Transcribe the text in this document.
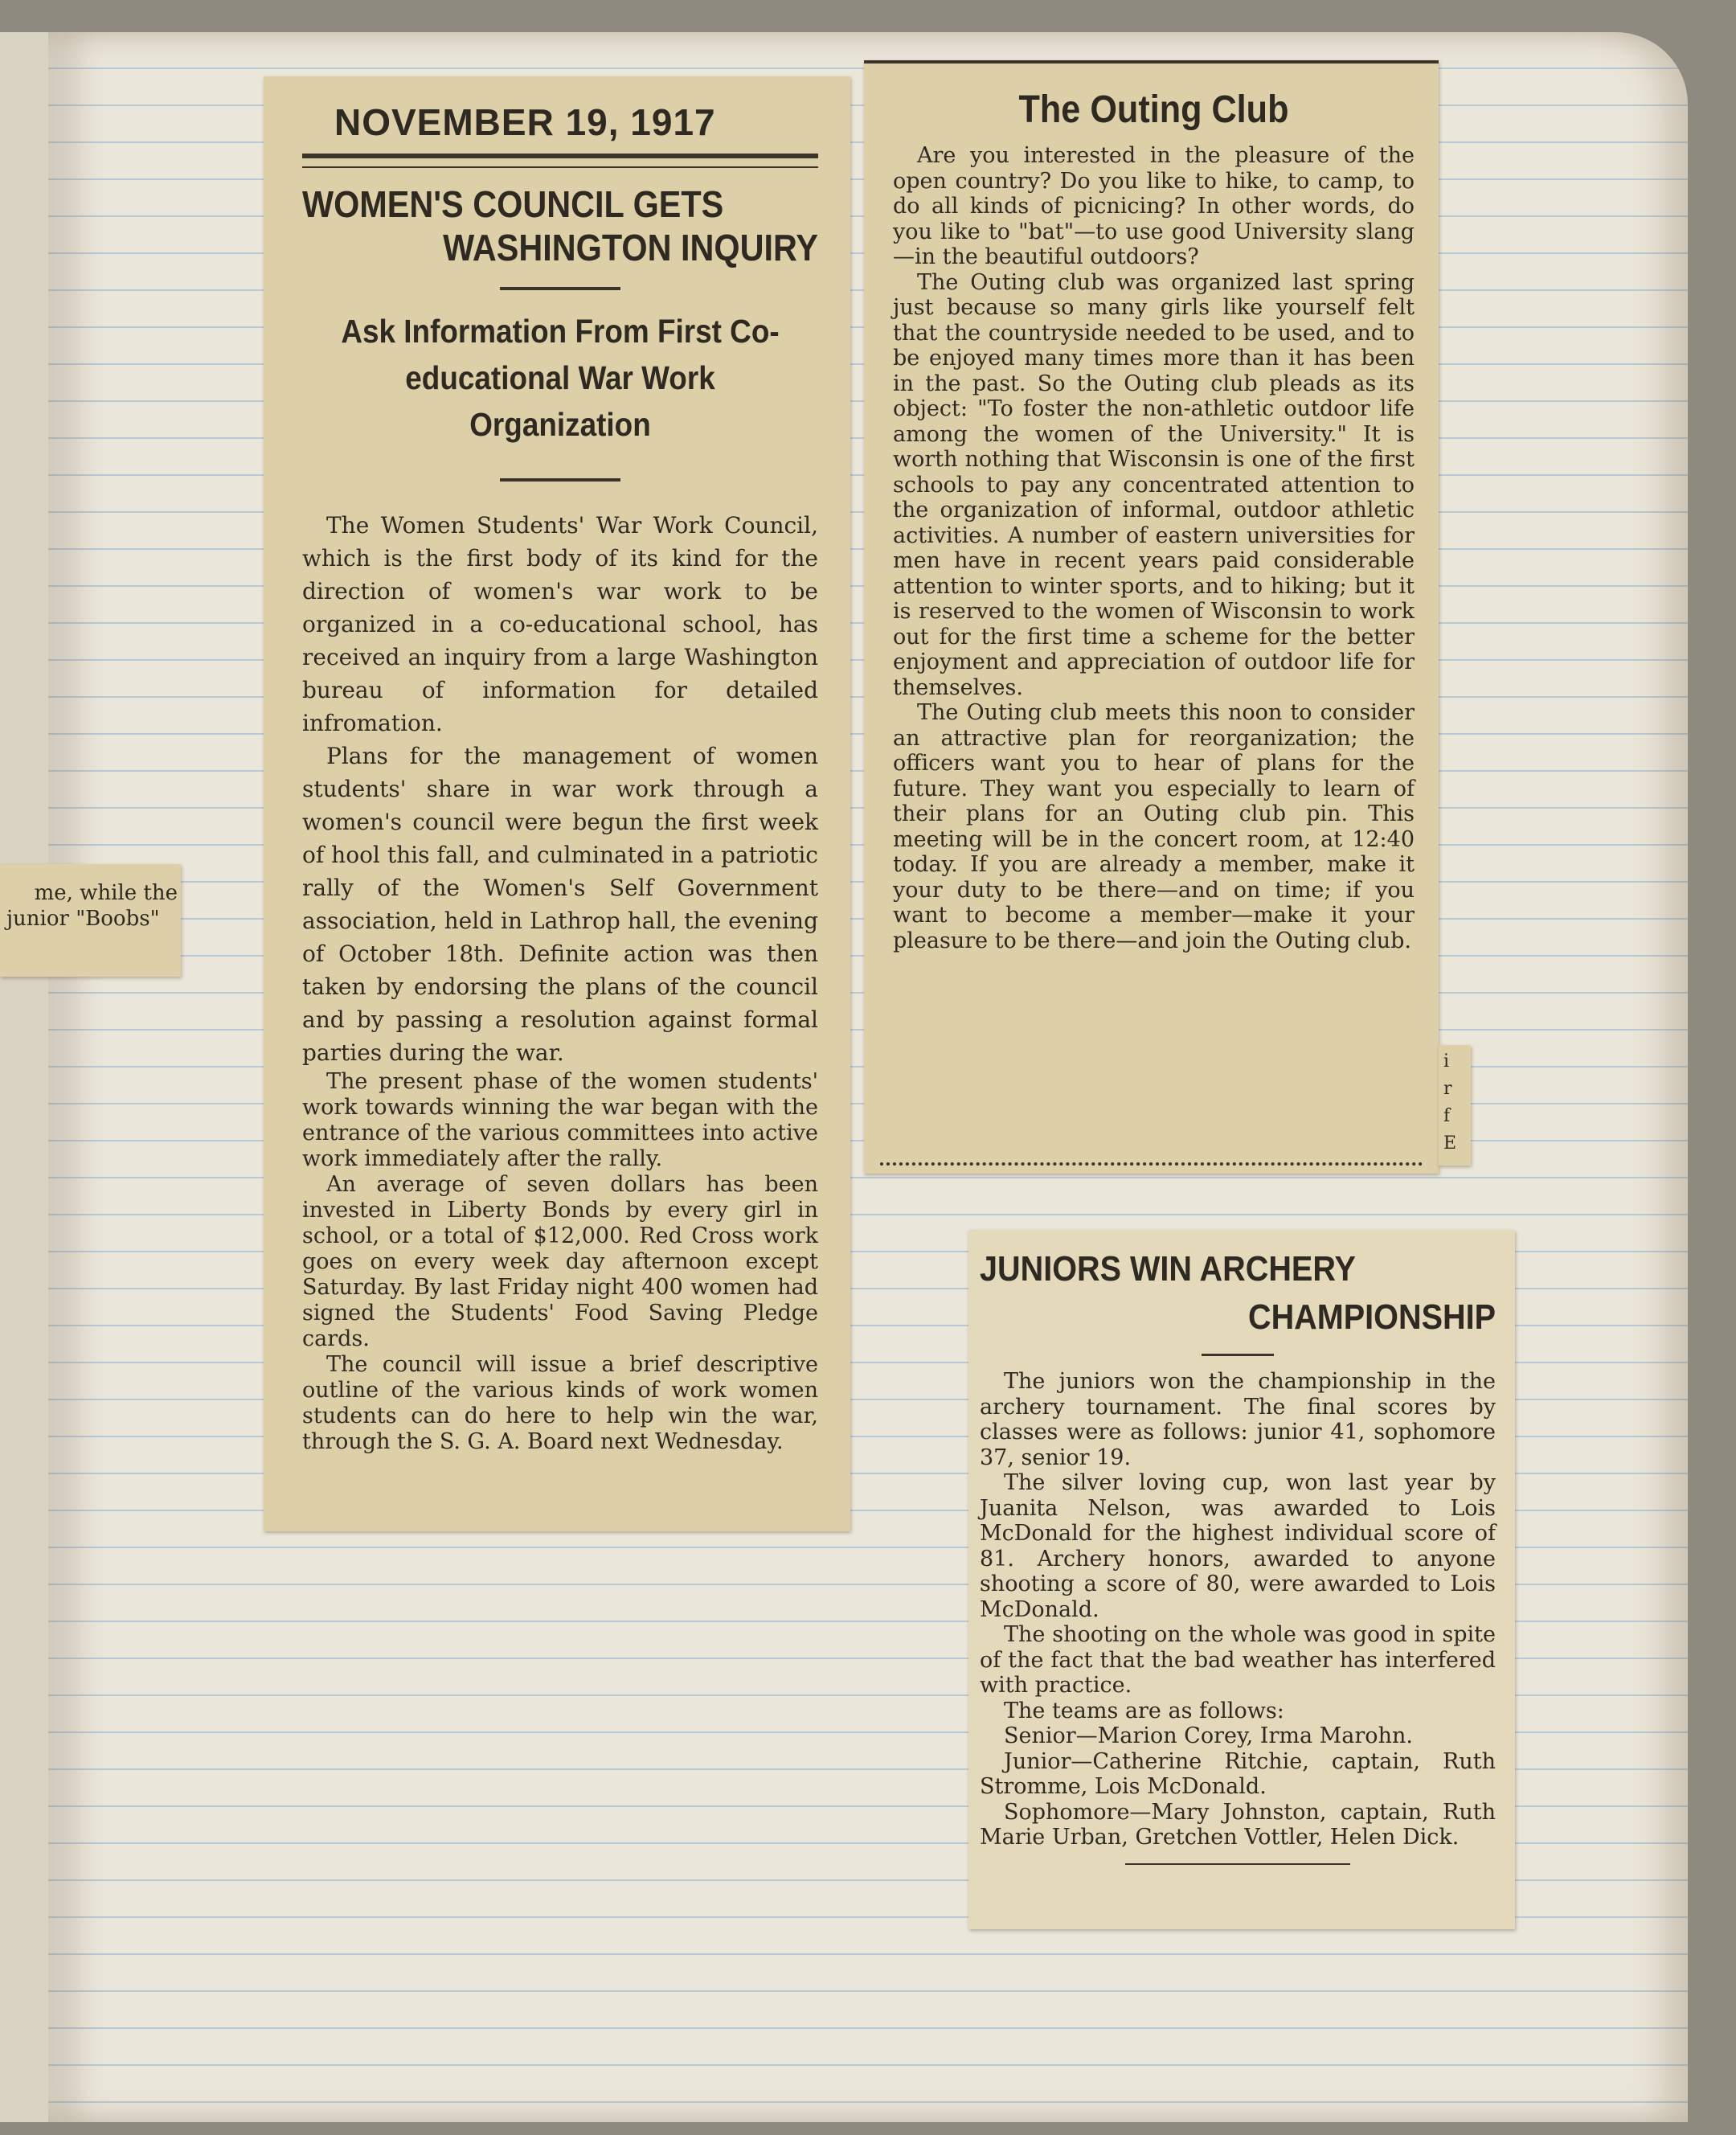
me, while the
junior "Boobs"
NOVEMBER 19, 1917
WOMEN'S COUNCIL GETS
WASHINGTON INQUIRY
Ask Information From First Co-
educational War Work
Organization

The Women Students' War Work Council, which is the first body of its kind for the direction of women's war work to be organized in a co-educational school, has received an inquiry from a large Washington bureau of information for detailed infromation.

Plans for the management of women students' share in war work through a women's council were begun the first week of hool this fall, and culminated in a patriotic rally of the Women's Self Government association, held in Lathrop hall, the evening of October 18th. Definite action was then taken by endorsing the plans of the council and by passing a resolution against formal parties during the war.

The present phase of the women students' work towards winning the war began with the entrance of the various committees into active work immediately after the rally.

An average of seven dollars has been invested in Liberty Bonds by every girl in school, or a total of $12,000. Red Cross work goes on every week day afternoon except Saturday. By last Friday night 400 women had signed the Students' Food Saving Pledge cards.

The council will issue a brief descriptive outline of the various kinds of work women students can do here to help win the war, through the S. G. A. Board next Wednesday.

The Outing Club

Are you interested in the pleasure of the open country? Do you like to hike, to camp, to do all kinds of picnicing? In other words, do you like to "bat"—to use good University slang—in the beautiful outdoors?

The Outing club was organized last spring just because so many girls like yourself felt that the countryside needed to be used, and to be enjoyed many times more than it has been in the past. So the Outing club pleads as its object: "To foster the non-athletic outdoor life among the women of the University." It is worth nothing that Wisconsin is one of the first schools to pay any concentrated attention to the organization of informal, outdoor athletic activities. A number of eastern universities for men have in recent years paid considerable attention to winter sports, and to hiking; but it is reserved to the women of Wisconsin to work out for the first time a scheme for the better enjoyment and appreciation of outdoor life for themselves.

The Outing club meets this noon to consider an attractive plan for reorganization; the officers want you to hear of plans for the future. They want you especially to learn of their plans for an Outing club pin. This meeting will be in the concert room, at 12:40 today. If you are already a member, make it your duty to be there—and on time; if you want to become a member—make it your pleasure to be there—and join the Outing club.

i
r
f
E
JUNIORS WIN ARCHERY
CHAMPIONSHIP

The juniors won the championship in the archery tournament. The final scores by classes were as follows: junior 41, sophomore 37, senior 19.

The silver loving cup, won last year by Juanita Nelson, was awarded to Lois McDonald for the highest individual score of 81. Archery honors, awarded to anyone shooting a score of 80, were awarded to Lois McDonald.

The shooting on the whole was good in spite of the fact that the bad weather has interfered with practice.

The teams are as follows:

Senior—Marion Corey, Irma Marohn.

Junior—Catherine Ritchie, captain, Ruth Stromme, Lois McDonald.

Sophomore—Mary Johnston, captain, Ruth Marie Urban, Gretchen Vottler, Helen Dick.
